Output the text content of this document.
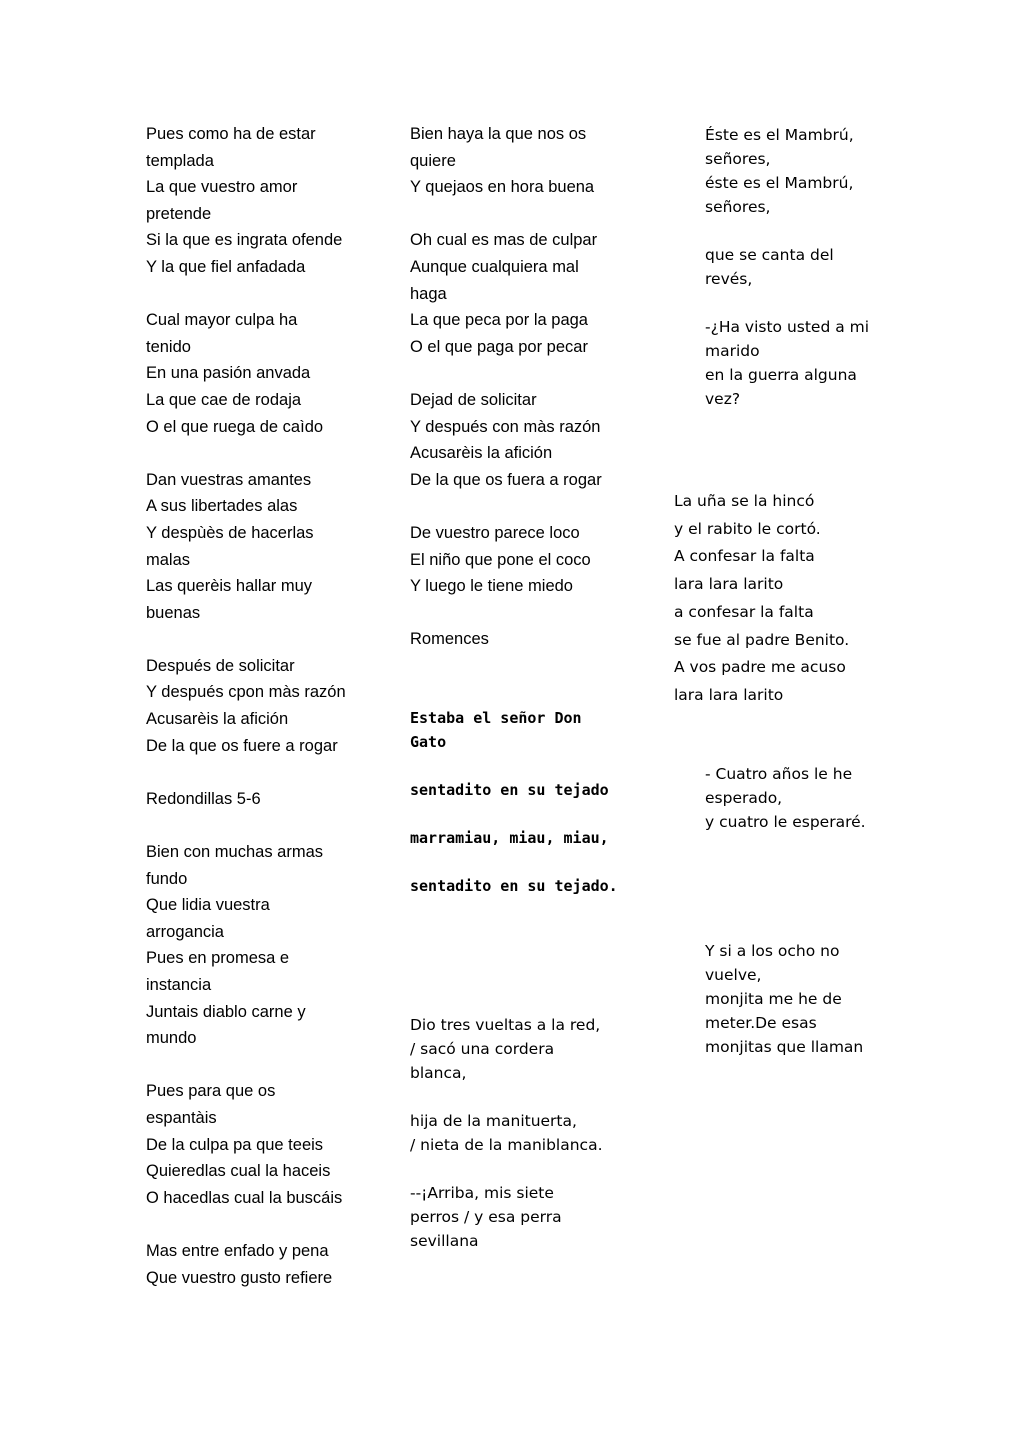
Pues como ha de estar
templada
La que vuestro amor
pretende
Si la que es ingrata ofende
Y la que fiel anfadada

Cual mayor culpa ha
tenido
En una pasión anvada
La que cae de rodaja
O el que ruega de caìdo

Dan vuestras amantes
A sus libertades alas
Y despùès de hacerlas
malas
Las querèis hallar muy
buenas

Después de solicitar
Y después cpon màs razón
Acusarèis la afición
De la que os fuere a rogar

Redondillas 5-6

Bien con muchas armas
fundo
Que lidia vuestra
arrogancia
Pues en promesa e
instancia
Juntais diablo carne y
mundo

Pues para que os
espantàis
De la culpa pa que teeis
Quieredlas cual la haceis
O hacedlas cual la buscáis

Mas entre enfado y pena
Que vuestro gusto refiere
Bien haya la que nos os
quiere
Y quejaos en hora buena

Oh cual es mas de culpar
Aunque cualquiera mal
haga
La que peca por la paga
O el que paga por pecar

Dejad de solicitar
Y después con màs razón
Acusarèis la afición
De la que os fuera a rogar

De vuestro parece loco
El niño que pone el coco
Y luego le tiene miedo

Romences
Estaba el señor Don
Gato

sentadito en su tejado

marramiau, miau, miau,

sentadito en su tejado.
Dio tres vueltas a la red,
/ sacó una cordera
blanca,

hija de la manituerta,
/ nieta de la maniblanca.

--¡Arriba, mis siete
perros / y esa perra
sevillana
Éste es el Mambrú,
señores,
éste es el Mambrú,
señores,

que se canta del
revés,

-¿Ha visto usted a mi
marido
en la guerra alguna
vez?
La uña se la hincó
y el rabito le cortó.
A confesar la falta
lara lara larito
a confesar la falta
se fue al padre Benito.
A vos padre me acuso
lara lara larito
- Cuatro años le he
esperado,
y cuatro le esperaré.
Y si a los ocho no
vuelve,
monjita me he de
meter.De esas
monjitas que llaman
